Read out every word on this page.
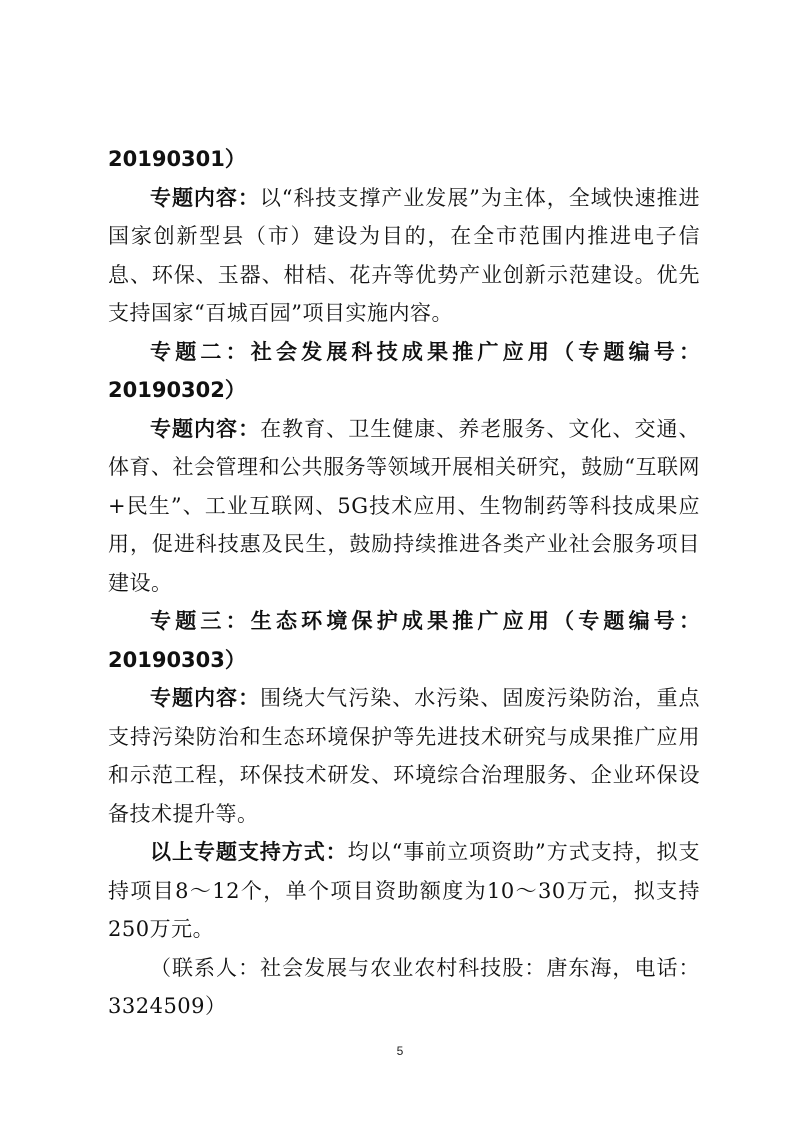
20190301）

专题内容：以“科技支撑产业发展”为主体，全域快速推进国家创新型县（市）建设为目的，在全市范围内推进电子信息、环保、玉器、柑桔、花卉等优势产业创新示范建设。优先支持国家“百城百园”项目实施内容。

专题二：社会发展科技成果推广应用（专题编号：20190302）

专题内容：在教育、卫生健康、养老服务、文化、交通、体育、社会管理和公共服务等领域开展相关研究，鼓励“互联网+民生”、工业互联网、5G技术应用、生物制药等科技成果应用，促进科技惠及民生，鼓励持续推进各类产业社会服务项目建设。

专题三：生态环境保护成果推广应用（专题编号：20190303）

专题内容：围绕大气污染、水污染、固废污染防治，重点支持污染防治和生态环境保护等先进技术研究与成果推广应用和示范工程，环保技术研发、环境综合治理服务、企业环保设备技术提升等。

以上专题支持方式：均以“事前立项资助”方式支持，拟支持项目8～12个，单个项目资助额度为10～30万元，拟支持250万元。

（联系人：社会发展与农业农村科技股：唐东海，电话：3324509）

5
